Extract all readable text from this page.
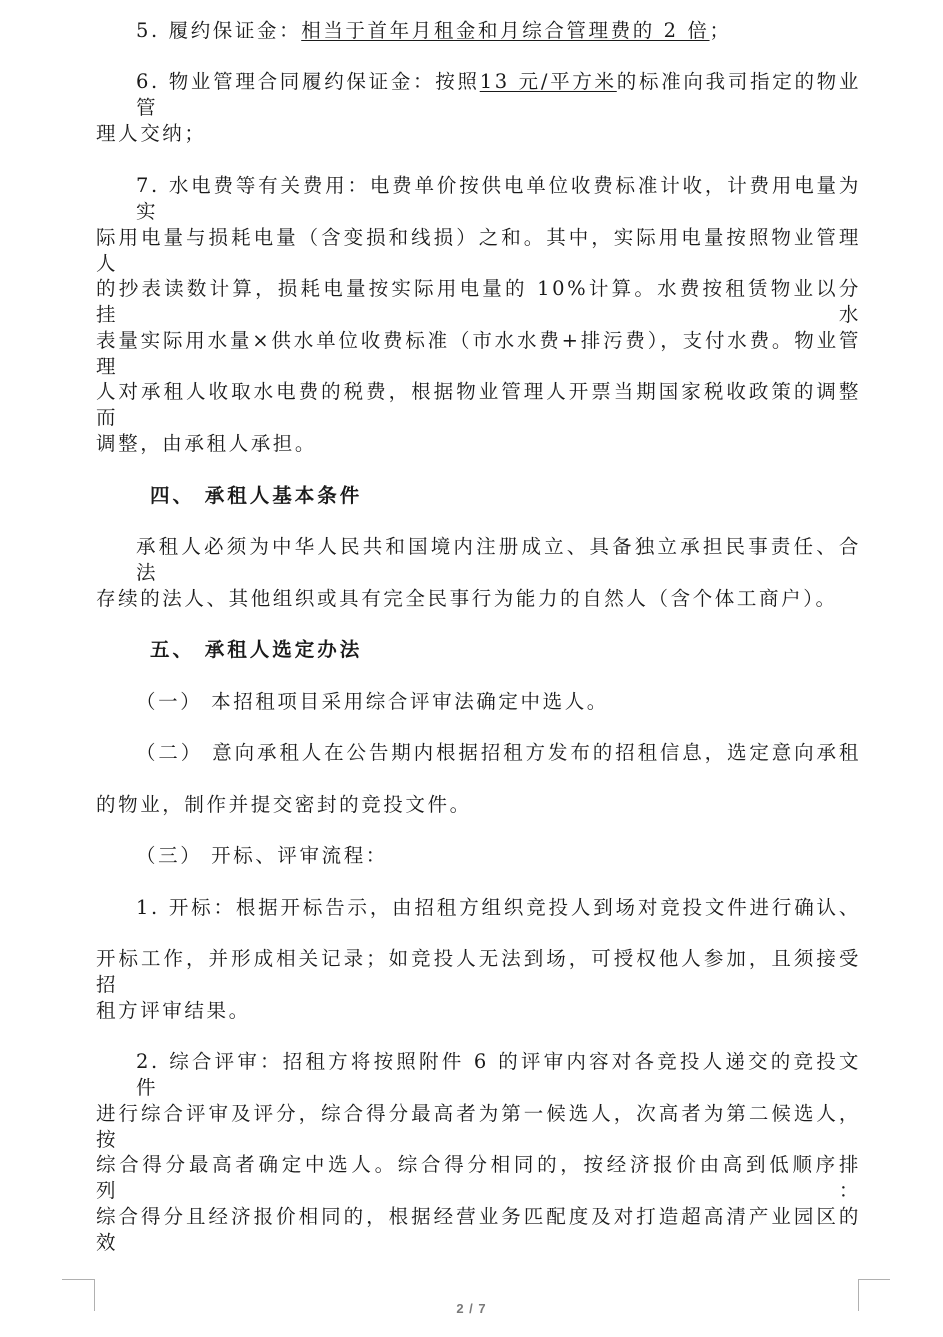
5. 履约保证金：相当于首年月租金和月综合管理费的 2 倍；
6. 物业管理合同履约保证金：按照13 元/平方米的标准向我司指定的物业管
理人交纳；
7. 水电费等有关费用：电费单价按供电单位收费标准计收，计费用电量为实
际用电量与损耗电量（含变损和线损）之和。其中，实际用电量按照物业管理人
的抄表读数计算，损耗电量按实际用电量的 10%计算。水费按租赁物业以分挂水
表量实际用水量×供水单位收费标准（市水水费+排污费），支付水费。物业管理
人对承租人收取水电费的税费，根据物业管理人开票当期国家税收政策的调整而
调整，由承租人承担。
四、 承租人基本条件
承租人必须为中华人民共和国境内注册成立、具备独立承担民事责任、合法
存续的法人、其他组织或具有完全民事行为能力的自然人（含个体工商户）。
五、 承租人选定办法
（一） 本招租项目采用综合评审法确定中选人。
（二） 意向承租人在公告期内根据招租方发布的招租信息，选定意向承租
的物业，制作并提交密封的竞投文件。
（三） 开标、评审流程：
1. 开标：根据开标告示，由招租方组织竞投人到场对竞投文件进行确认、
开标工作，并形成相关记录；如竞投人无法到场，可授权他人参加，且须接受招
租方评审结果。
2. 综合评审：招租方将按照附件 6 的评审内容对各竞投人递交的竞投文件
进行综合评审及评分，综合得分最高者为第一候选人，次高者为第二候选人，按
综合得分最高者确定中选人。综合得分相同的，按经济报价由高到低顺序排列：
综合得分且经济报价相同的，根据经营业务匹配度及对打造超高清产业园区的效
2 / 7
